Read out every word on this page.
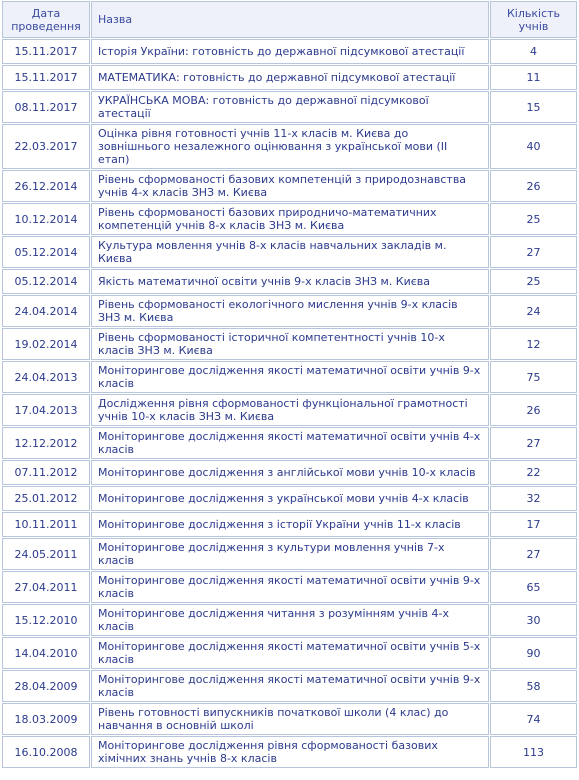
Дата проведення	Назва	Кількість учнів
15.11.2017	Історія України: готовність до державної підсумкової атестації	4
15.11.2017	МАТЕМАТИКА: готовність до державної підсумкової атестації	11
08.11.2017	УКРАЇНСЬКА МОВА: готовність до державної підсумкової атестації	15
22.03.2017	Оцінка рівня готовності учнів 11-х класів м. Києва до зовнішнього незалежного оцінювання з української мови (II етап)	40
26.12.2014	Рівень сформованості базових компетенцій з природознавства учнів 4-х класів ЗНЗ м. Києва	26
10.12.2014	Рівень сформованості базових природничо-математичних компетенцій учнів 8-х класів ЗНЗ м. Києва	25
05.12.2014	Культура мовлення учнів 8-х класів навчальних закладів м. Києва	27
05.12.2014	Якість математичної освіти учнів 9-х класів ЗНЗ м. Києва	25
24.04.2014	Рівень сформованості екологічного мислення учнів 9-х класів ЗНЗ м. Києва	24
19.02.2014	Рівень сформованості історичної компетентності учнів 10-х класів ЗНЗ м. Києва	12
24.04.2013	Моніторингове дослідження якості математичної освіти учнів 9-х класів	75
17.04.2013	Дослідження рівня сформованості функціональної грамотності учнів 10-х класів ЗНЗ м. Києва	26
12.12.2012	Моніторингове дослідження якості математичної освіти учнів 4-х класів	27
07.11.2012	Моніторингове дослідження з англійської мови учнів 10-х класів	22
25.01.2012	Моніторингове дослідження з української мови учнів 4-х класів	32
10.11.2011	Моніторингове дослідження з історії України учнів 11-х класів	17
24.05.2011	Моніторингове дослідження з культури мовлення учнів 7-х класів	27
27.04.2011	Моніторингове дослідження якості математичної освіти учнів 9-х класів	65
15.12.2010	Моніторингове дослідження читання з розумінням учнів 4-х класів	30
14.04.2010	Моніторингове дослідження якості математичної освіти учнів 5-х класів	90
28.04.2009	Моніторингове дослідження якості математичної освіти учнів 9-х класів	58
18.03.2009	Рівень готовності випускників початкової школи (4 клас) до навчання в основній школі	74
16.10.2008	Моніторингове дослідження рівня сформованості базових хімічних знань учнів 8-х класів	113
